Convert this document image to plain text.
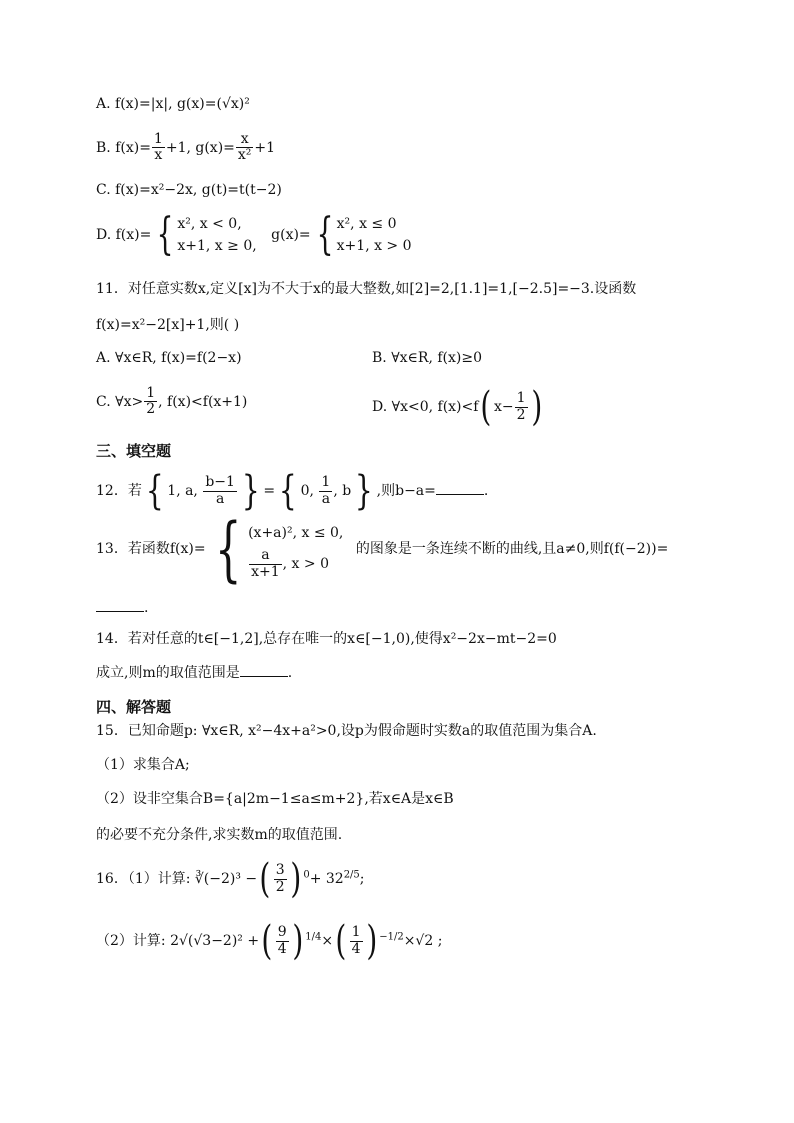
A. f(x)=|x|, g(x)=(√x)²
B. $f(x)= \frac{1}{x} +1$, $g(x)= \frac{x}{\text{x²}} +1$
C. f(x)=x²−2x, g(t)=t(t−2)
D. f(x)= { x², x < 0,
x+1, x ≥ 0,
g(x)= { x², x ≤ 0
x+1, x > 0
11．对任意实数x,定义[x]为不大于x的最大整数,如[2]=2,[1.1]=1,[−2.5]=−3.设函数
f(x)=x²−2[x]+1,则( )
A. ∀x∈R, f(x)=f(2−x)	B. ∀x∈R, f(x)≥0
C. ∀x> $\frac{1}{2}$ , f(x)<f(x+1)	D. ∀x<0, f(x)<f( $x- \frac{1}{2}$ )
三、填空题
12．若{ 1, a, $\frac{b-1}{a}$ } ={ 0, $\frac{1}{a}$ , b} ,则b−a=	.
13．若函数f(x)= { (x+a)², x ≤ 0,
$\frac{a}{x+1}$ , x > 0
的图象是一条连续不断的曲线,且a≠0,则f(f(−2))=
.
14．若对任意的t∈[−1,2],总存在唯一的x∈[−1,0),使得x²−2x−mt−2=0
成立,则m的取值范围是	.
四、解答题
15．已知命题p: ∀x∈R, x²−4x+a²>0,设p为假命题时实数a的取值范围为集合A.
（1）求集合A;
（2）设非空集合B={a|2m−1≤a≤m+2},若x∈A是x∈B
的必要不充分条件,求实数m的取值范围.
16．（1）计算: ∛(−2)³ −( $\frac{3}{2}$ ) $^0+ 32^{2/5}$;
（2）计算: 2√(√3−2)² +( $\frac{9}{4}$ ) $^{1/4}\times( \frac{1}{4}$ ) $^{-1/2}$×√2 ;
